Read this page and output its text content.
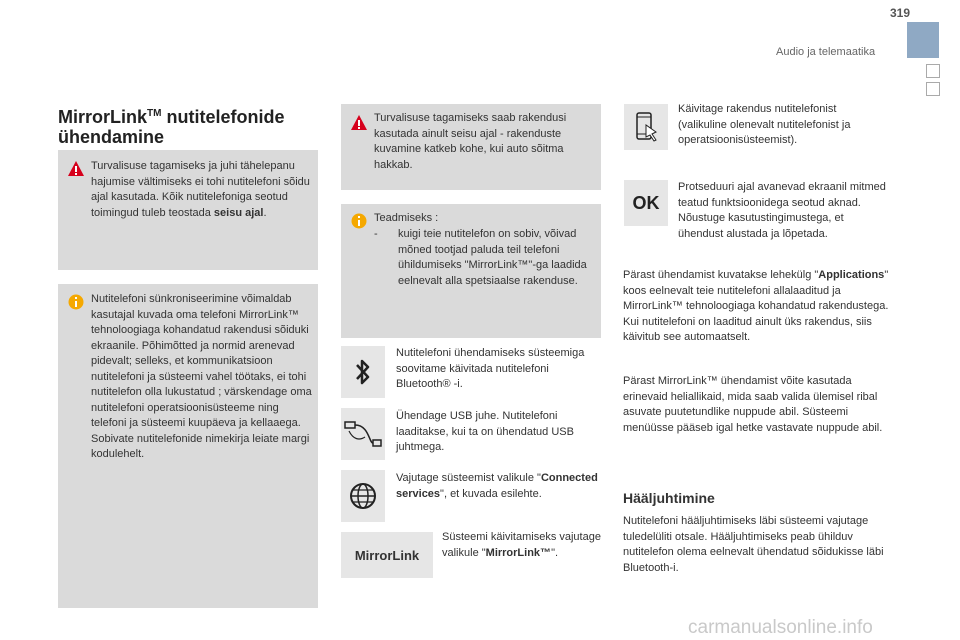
319
Audio ja telemaatika
MirrorLink™ nutitelefonide
ühendamine
Turvalisuse tagamiseks ja juhi tähelepanu hajumise vältimiseks ei tohi nutitelefoni sõidu ajal kasutada. Kõik nutitelefoniga seotud toimingud tuleb teostada seisu ajal.
Nutitelefoni sünkroniseerimine võimaldab kasutajal kuvada oma telefoni MirrorLink™ tehnoloogiaga kohandatud rakendusi sõiduki ekraanile. Põhimõtted ja normid arenevad pidevalt; selleks, et kommunikatsioon nutitelefoni ja süsteemi vahel töötaks, ei tohi nutitelefon olla lukustatud ; värskendage oma nutitelefoni operatsioonisüsteeme ning telefoni ja süsteemi kuupäeva ja kellaaega. Sobivate nutitelefonide nimekirja leiate margi kodulehelt.
Turvalisuse tagamiseks saab rakendusi kasutada ainult seisu ajal - rakenduste kuvamine katkeb kohe, kui auto sõitma hakkab.
Teadmiseks :
- kuigi teie nutitelefon on sobiv, võivad mõned tootjad paluda teil telefoni ühildumiseks "MirrorLink™"-ga laadida eelnevalt alla spetsiaalse rakenduse.
Nutitelefoni ühendamiseks süsteemiga soovitame käivitada nutitelefoni Bluetooth® -i.
Ühendage USB juhe. Nutitelefoni laaditakse, kui ta on ühendatud USB juhtmega.
Vajutage süsteemist valikule "Connected services", et kuvada esilehte.
MirrorLink
Süsteemi käivitamiseks vajutage valikule "MirrorLink™".
Käivitage rakendus nutitelefonist (valikuline olenevalt nutitelefonist ja operatsioonisüsteemist).
OK
Protseduuri ajal avanevad ekraanil mitmed teatud funktsioonidega seotud aknad. Nõustuge kasutustingimustega, et ühendust alustada ja lõpetada.
Pärast ühendamist kuvatakse lehekülg "Applications" koos eelnevalt teie nutitelefoni allalaaditud ja MirrorLink™ tehnoloogiaga kohandatud rakendustega. Kui nutitelefoni on laaditud ainult üks rakendus, siis käivitub see automaatselt.
Pärast MirrorLink™ ühendamist võite kasutada erinevaid heliallikaid, mida saab valida ülemisel ribal asuvate puutetundlike nuppude abil. Süsteemi menüüsse pääseb igal hetke vastavate nuppude abil.
Hääljuhtimine
Nutitelefoni hääljuhtimiseks läbi süsteemi vajutage tuledelüliti otsale. Hääljuhtimiseks peab ühilduv nutitelefon olema eelnevalt ühendatud sõidukisse läbi Bluetooth-i.
carmanualsonline.info
